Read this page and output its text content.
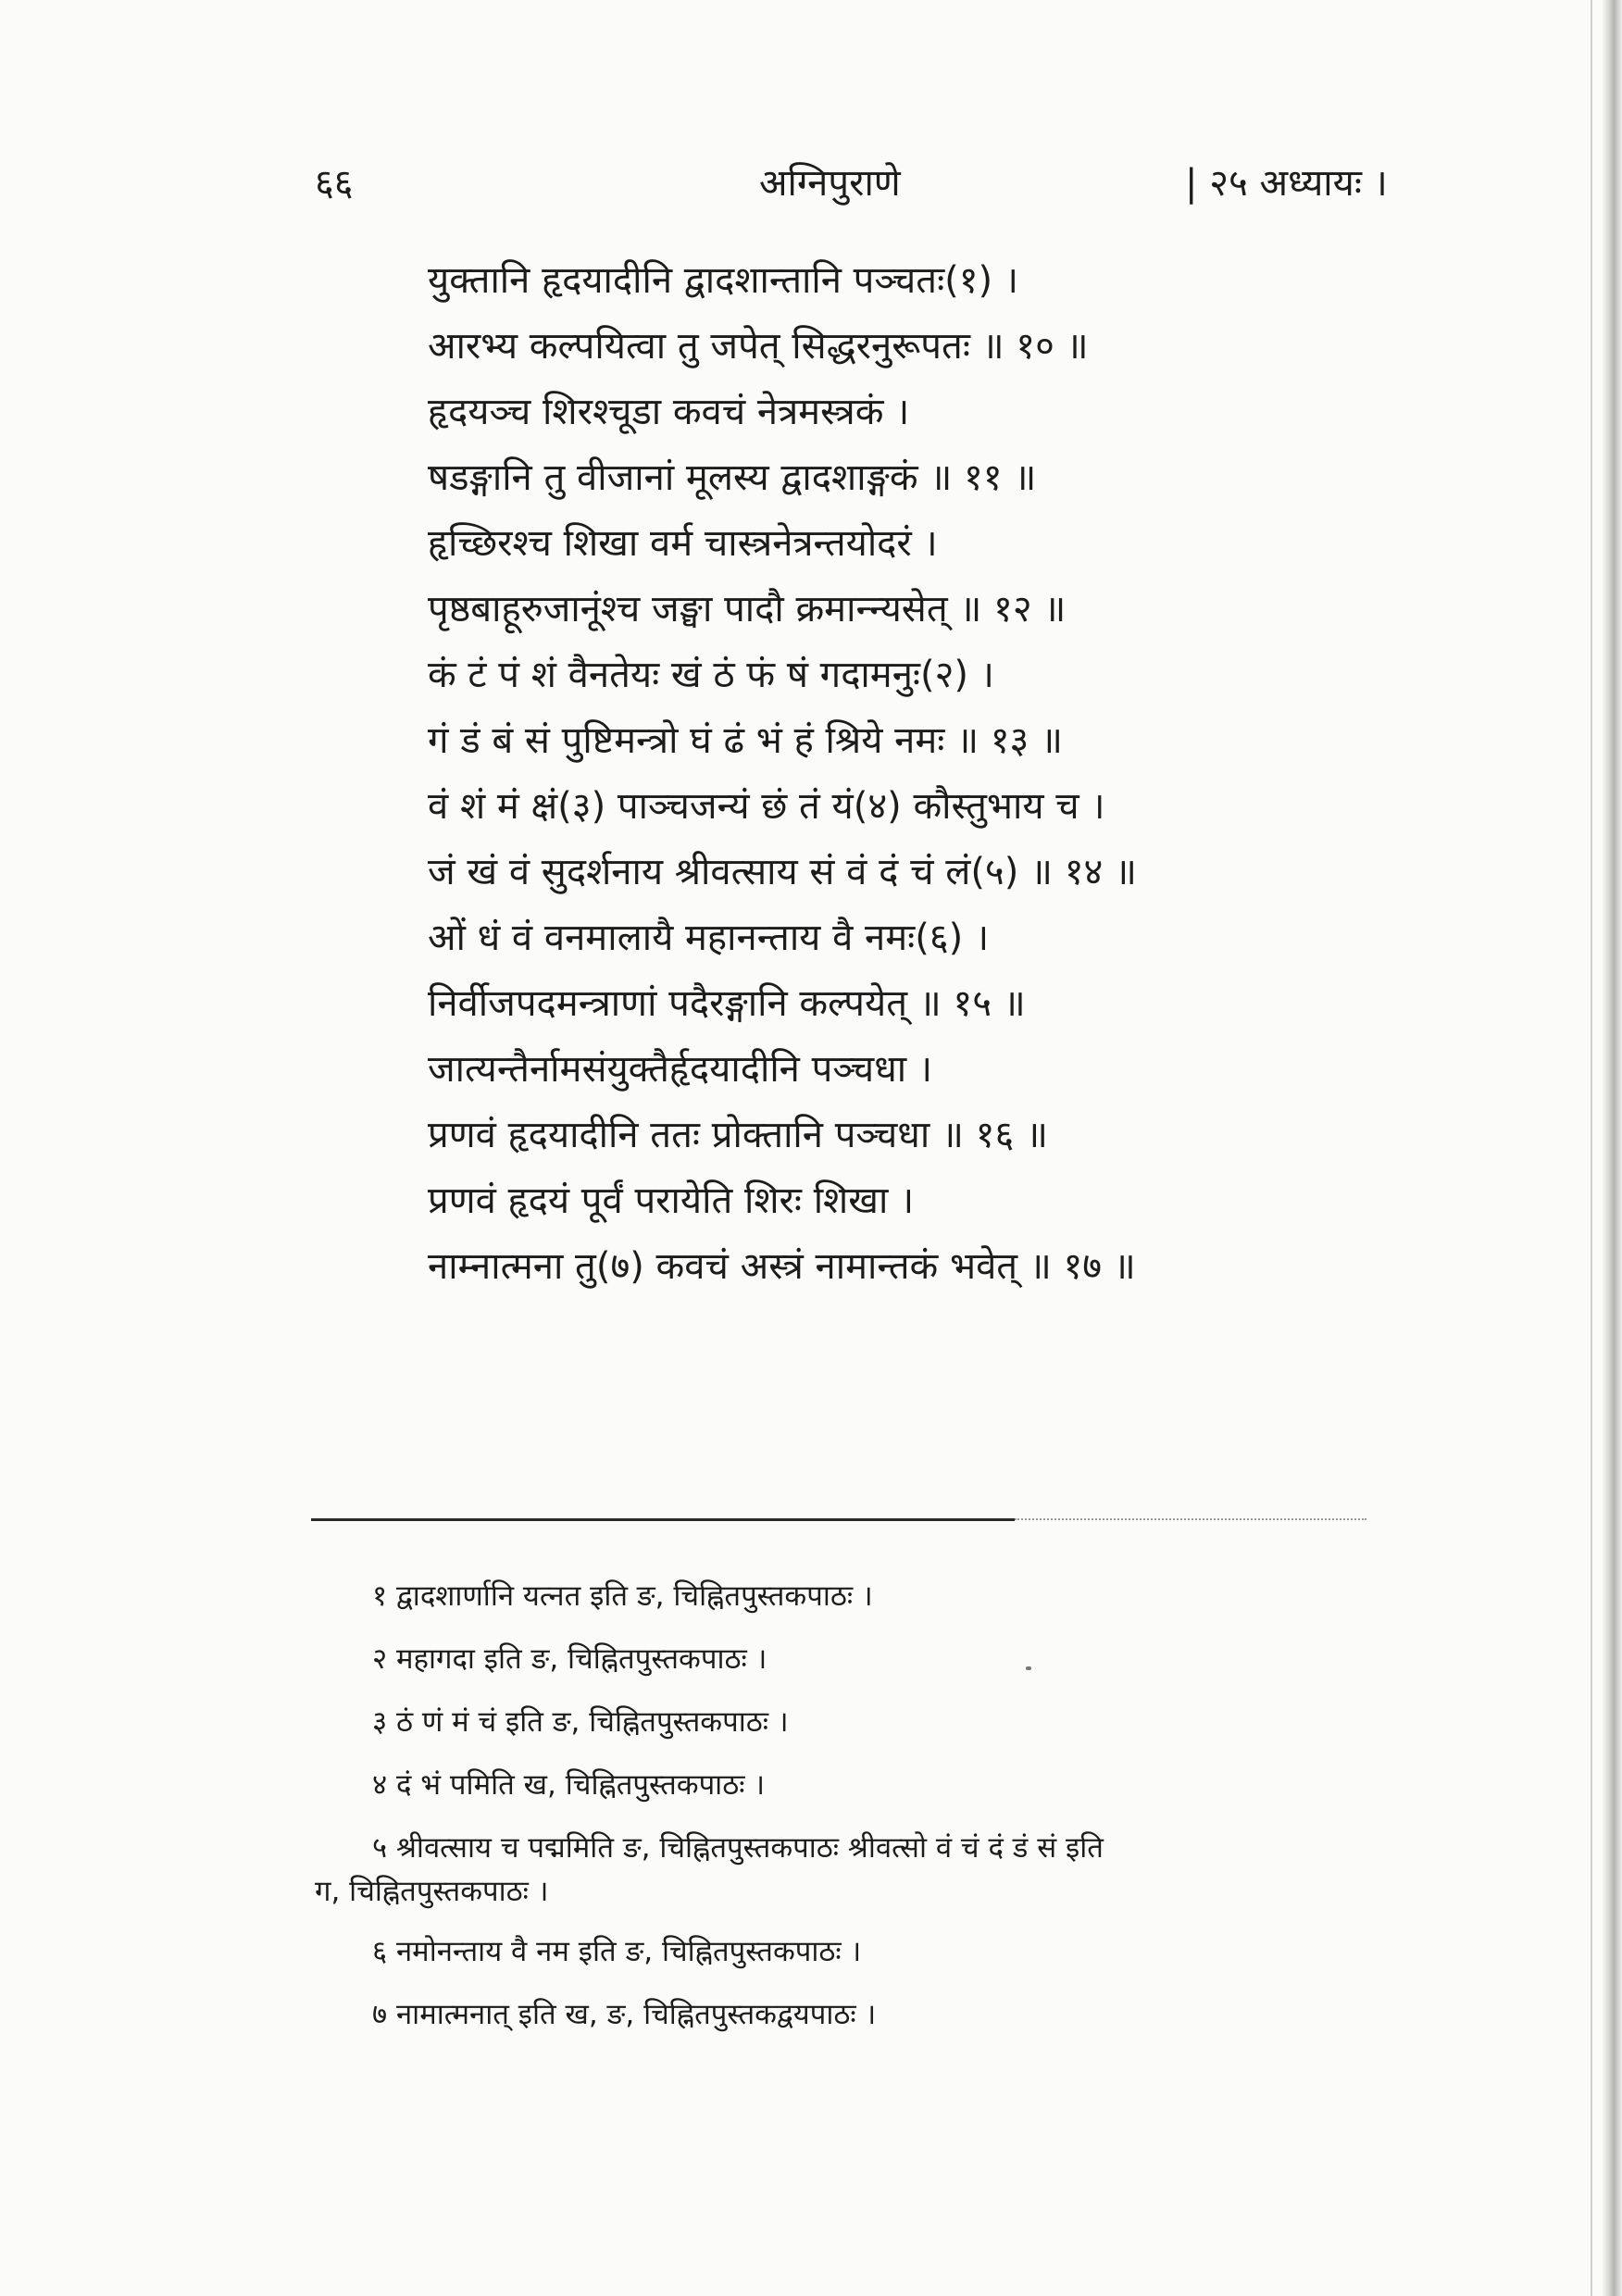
६६	अग्निपुराणे	| २५ अध्यायः ।
युक्तानि हृदयादीनि द्वादशान्तानि पञ्चतः(१) ।
आरभ्य कल्पयित्वा तु जपेत् सिद्धरनुरूपतः ॥ १० ॥
हृदयञ्च शिरश्चूडा कवचं नेत्रमस्त्रकं ।
षडङ्गानि तु वीजानां मूलस्य द्वादशाङ्गकं ॥ ११ ॥
हृच्छिरश्च शिखा वर्म चास्त्रनेत्रन्तयोदरं ।
पृष्ठबाहूरुजानूंश्च जङ्घा पादौ क्रमान्न्यसेत् ॥ १२ ॥
कं टं पं शं वैनतेयः खं ठं फं षं गदामनुः(२) ।
गं डं बं सं पुष्टिमन्त्रो घं ढं भं हं श्रिये नमः ॥ १३ ॥
वं शं मं क्षं(३) पाञ्चजन्यं छं तं यं(४) कौस्तुभाय च ।
जं खं वं सुदर्शनाय श्रीवत्साय सं वं दं चं लं(५) ॥ १४ ॥
ओं धं वं वनमालायै महानन्ताय वै नमः(६) ।
निर्वीजपदमन्त्राणां पदैरङ्गानि कल्पयेत् ॥ १५ ॥
जात्यन्तैर्नामसंयुक्तैर्हृदयादीनि पञ्चधा ।
प्रणवं हृदयादीनि ततः प्रोक्तानि पञ्चधा ॥ १६ ॥
प्रणवं हृदयं पूर्वं परायेति शिरः शिखा ।
नाम्नात्मना तु(७) कवचं अस्त्रं नामान्तकं भवेत् ॥ १७ ॥
१ द्वादशार्णानि यत्नत इति ङ, चिह्नितपुस्तकपाठः ।
२ महागदा इति ङ, चिह्नितपुस्तकपाठः ।
३ ठं णं मं चं इति ङ, चिह्नितपुस्तकपाठः ।
४ दं भं पमिति ख, चिह्नितपुस्तकपाठः ।
५ श्रीवत्साय च पद्ममिति ङ, चिह्नितपुस्तकपाठः श्रीवत्सो वं चं दं डं सं इति
ग, चिह्नितपुस्तकपाठः ।
६ नमोनन्ताय वै नम इति ङ, चिह्नितपुस्तकपाठः ।
७ नामात्मनात् इति ख, ङ, चिह्नितपुस्तकद्वयपाठः ।
